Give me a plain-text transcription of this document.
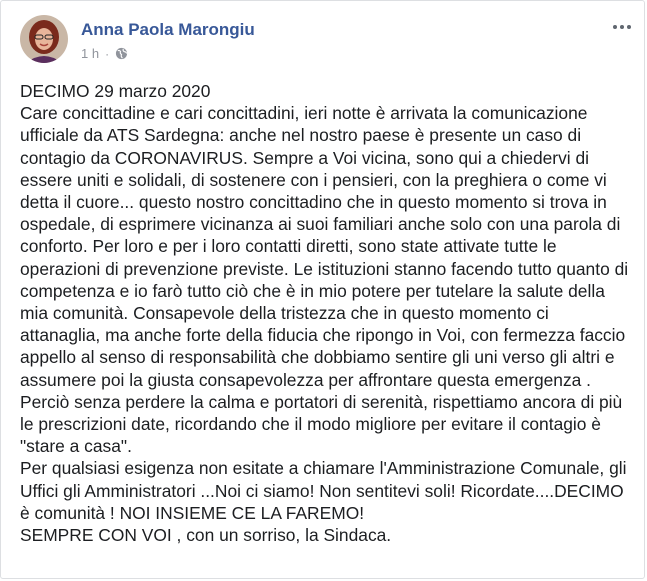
Anna Paola Marongiu
1 h ·
DECIMO 29 marzo 2020
Care concittadine e cari concittadini, ieri notte è arrivata la comunicazione ufficiale da ATS Sardegna: anche nel nostro paese è presente un caso di contagio da CORONAVIRUS. Sempre a Voi vicina, sono qui a chiedervi di essere uniti e solidali, di sostenere con i pensieri, con la preghiera o come vi detta il cuore... questo nostro concittadino che in questo momento si trova in ospedale, di esprimere vicinanza ai suoi familiari anche solo con una parola di conforto. Per loro e per i loro contatti diretti, sono state attivate tutte le operazioni di prevenzione previste. Le istituzioni stanno facendo tutto quanto di competenza e io farò tutto ciò che è in mio potere per tutelare la salute della mia comunità. Consapevole della tristezza che in questo momento ci attanaglia, ma anche forte della fiducia che ripongo in Voi, con fermezza faccio appello al senso di responsabilità che dobbiamo sentire gli uni verso gli altri e assumere poi la giusta consapevolezza per affrontare questa emergenza . Perciò senza perdere la calma e portatori di serenità, rispettiamo ancora di più le prescrizioni date, ricordando che il modo migliore per evitare il contagio è "stare a casa".
Per qualsiasi esigenza non esitate a chiamare l'Amministrazione Comunale, gli Uffici gli Amministratori ...Noi ci siamo! Non sentitevi soli! Ricordate....DECIMO è comunità ! NOI INSIEME CE LA FAREMO!
SEMPRE CON VOI , con un sorriso, la Sindaca.
